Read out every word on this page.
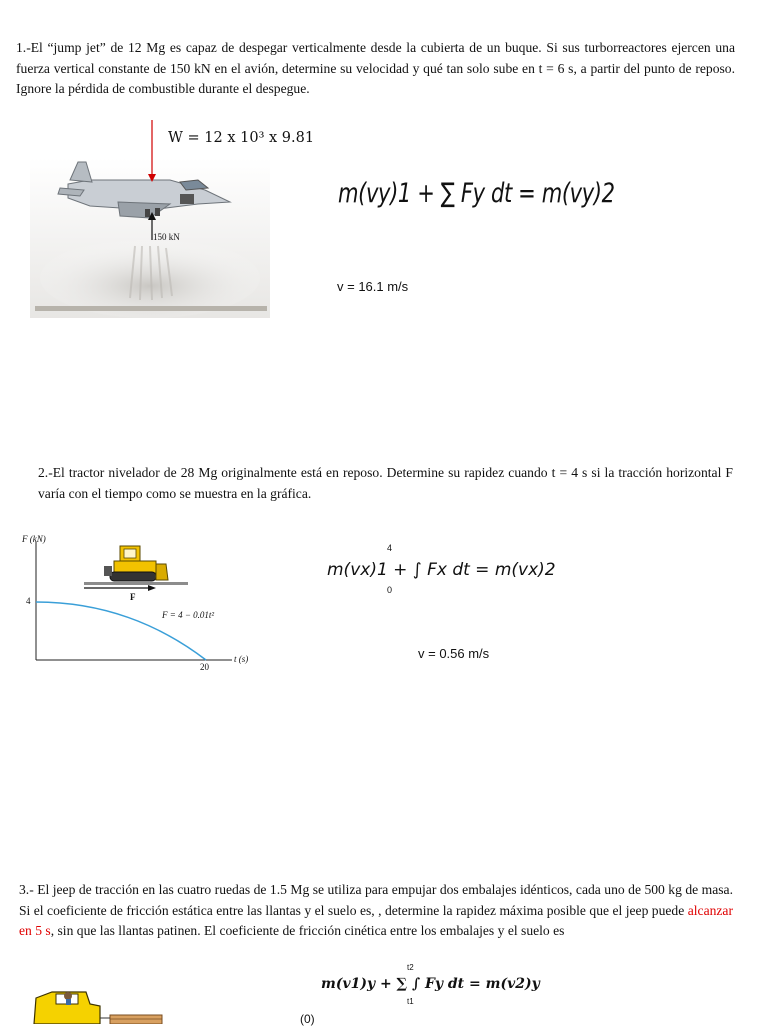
1.-El “jump jet” de 12 Mg es capaz de despegar verticalmente desde la cubierta de un buque. Si sus turborreactores ejercen una fuerza vertical constante de 150 kN en el avión, determine su velocidad y qué tan solo sube en t = 6 s, a partir del punto de reposo. Ignore la pérdida de combustible durante el despegue.
150 kN
W = 12 x 10³ x 9.81
m(vy)1 + ∑ Fy dt = m(vy)2
v = 16.1 m/s
2.-El tractor nivelador de 28 Mg originalmente está en reposo. Determine su rapidez cuando t = 4 s si la tracción horizontal F varía con el tiempo como se muestra en la gráfica.
F (kN)
4
20
t (s)
F
F = 4 − 0.01t²
4
0
m(vx)1 + ∫ Fx dt = m(vx)2
v = 0.56 m/s
3.- El jeep de tracción en las cuatro ruedas de 1.5 Mg se utiliza para empujar dos embalajes idénticos, cada uno de 500 kg de masa. Si el coeficiente de fricción estática entre las llantas y el suelo es, , determine la rapidez máxima posible que el jeep puede alcanzar en 5 s, sin que las llantas patinen. El coeficiente de fricción cinética entre los embalajes y el suelo es
t2
t1
m(v1)y + ∑ ∫ Fy dt = m(v2)y
(0)
